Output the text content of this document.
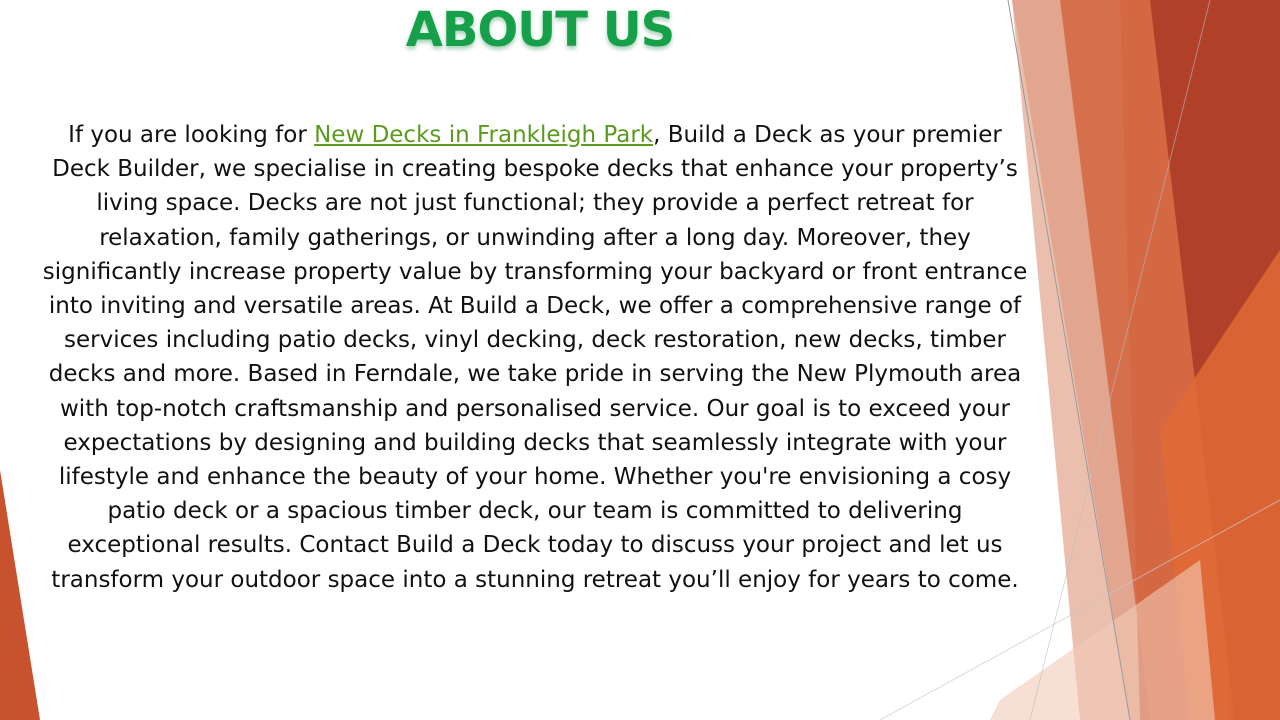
ABOUT US

If you are looking for New Decks in Frankleigh Park, Build a Deck as your premier Deck Builder, we specialise in creating bespoke decks that enhance your property’s living space. Decks are not just functional; they provide a perfect retreat for relaxation, family gatherings, or unwinding after a long day. Moreover, they significantly increase property value by transforming your backyard or front entrance into inviting and versatile areas. At Build a Deck, we offer a comprehensive range of services including patio decks, vinyl decking, deck restoration, new decks, timber decks and more. Based in Ferndale, we take pride in serving the New Plymouth area with top-notch craftsmanship and personalised service. Our goal is to exceed your expectations by designing and building decks that seamlessly integrate with your lifestyle and enhance the beauty of your home. Whether you're envisioning a cosy patio deck or a spacious timber deck, our team is committed to delivering exceptional results. Contact Build a Deck today to discuss your project and let us transform your outdoor space into a stunning retreat you’ll enjoy for years to come.
